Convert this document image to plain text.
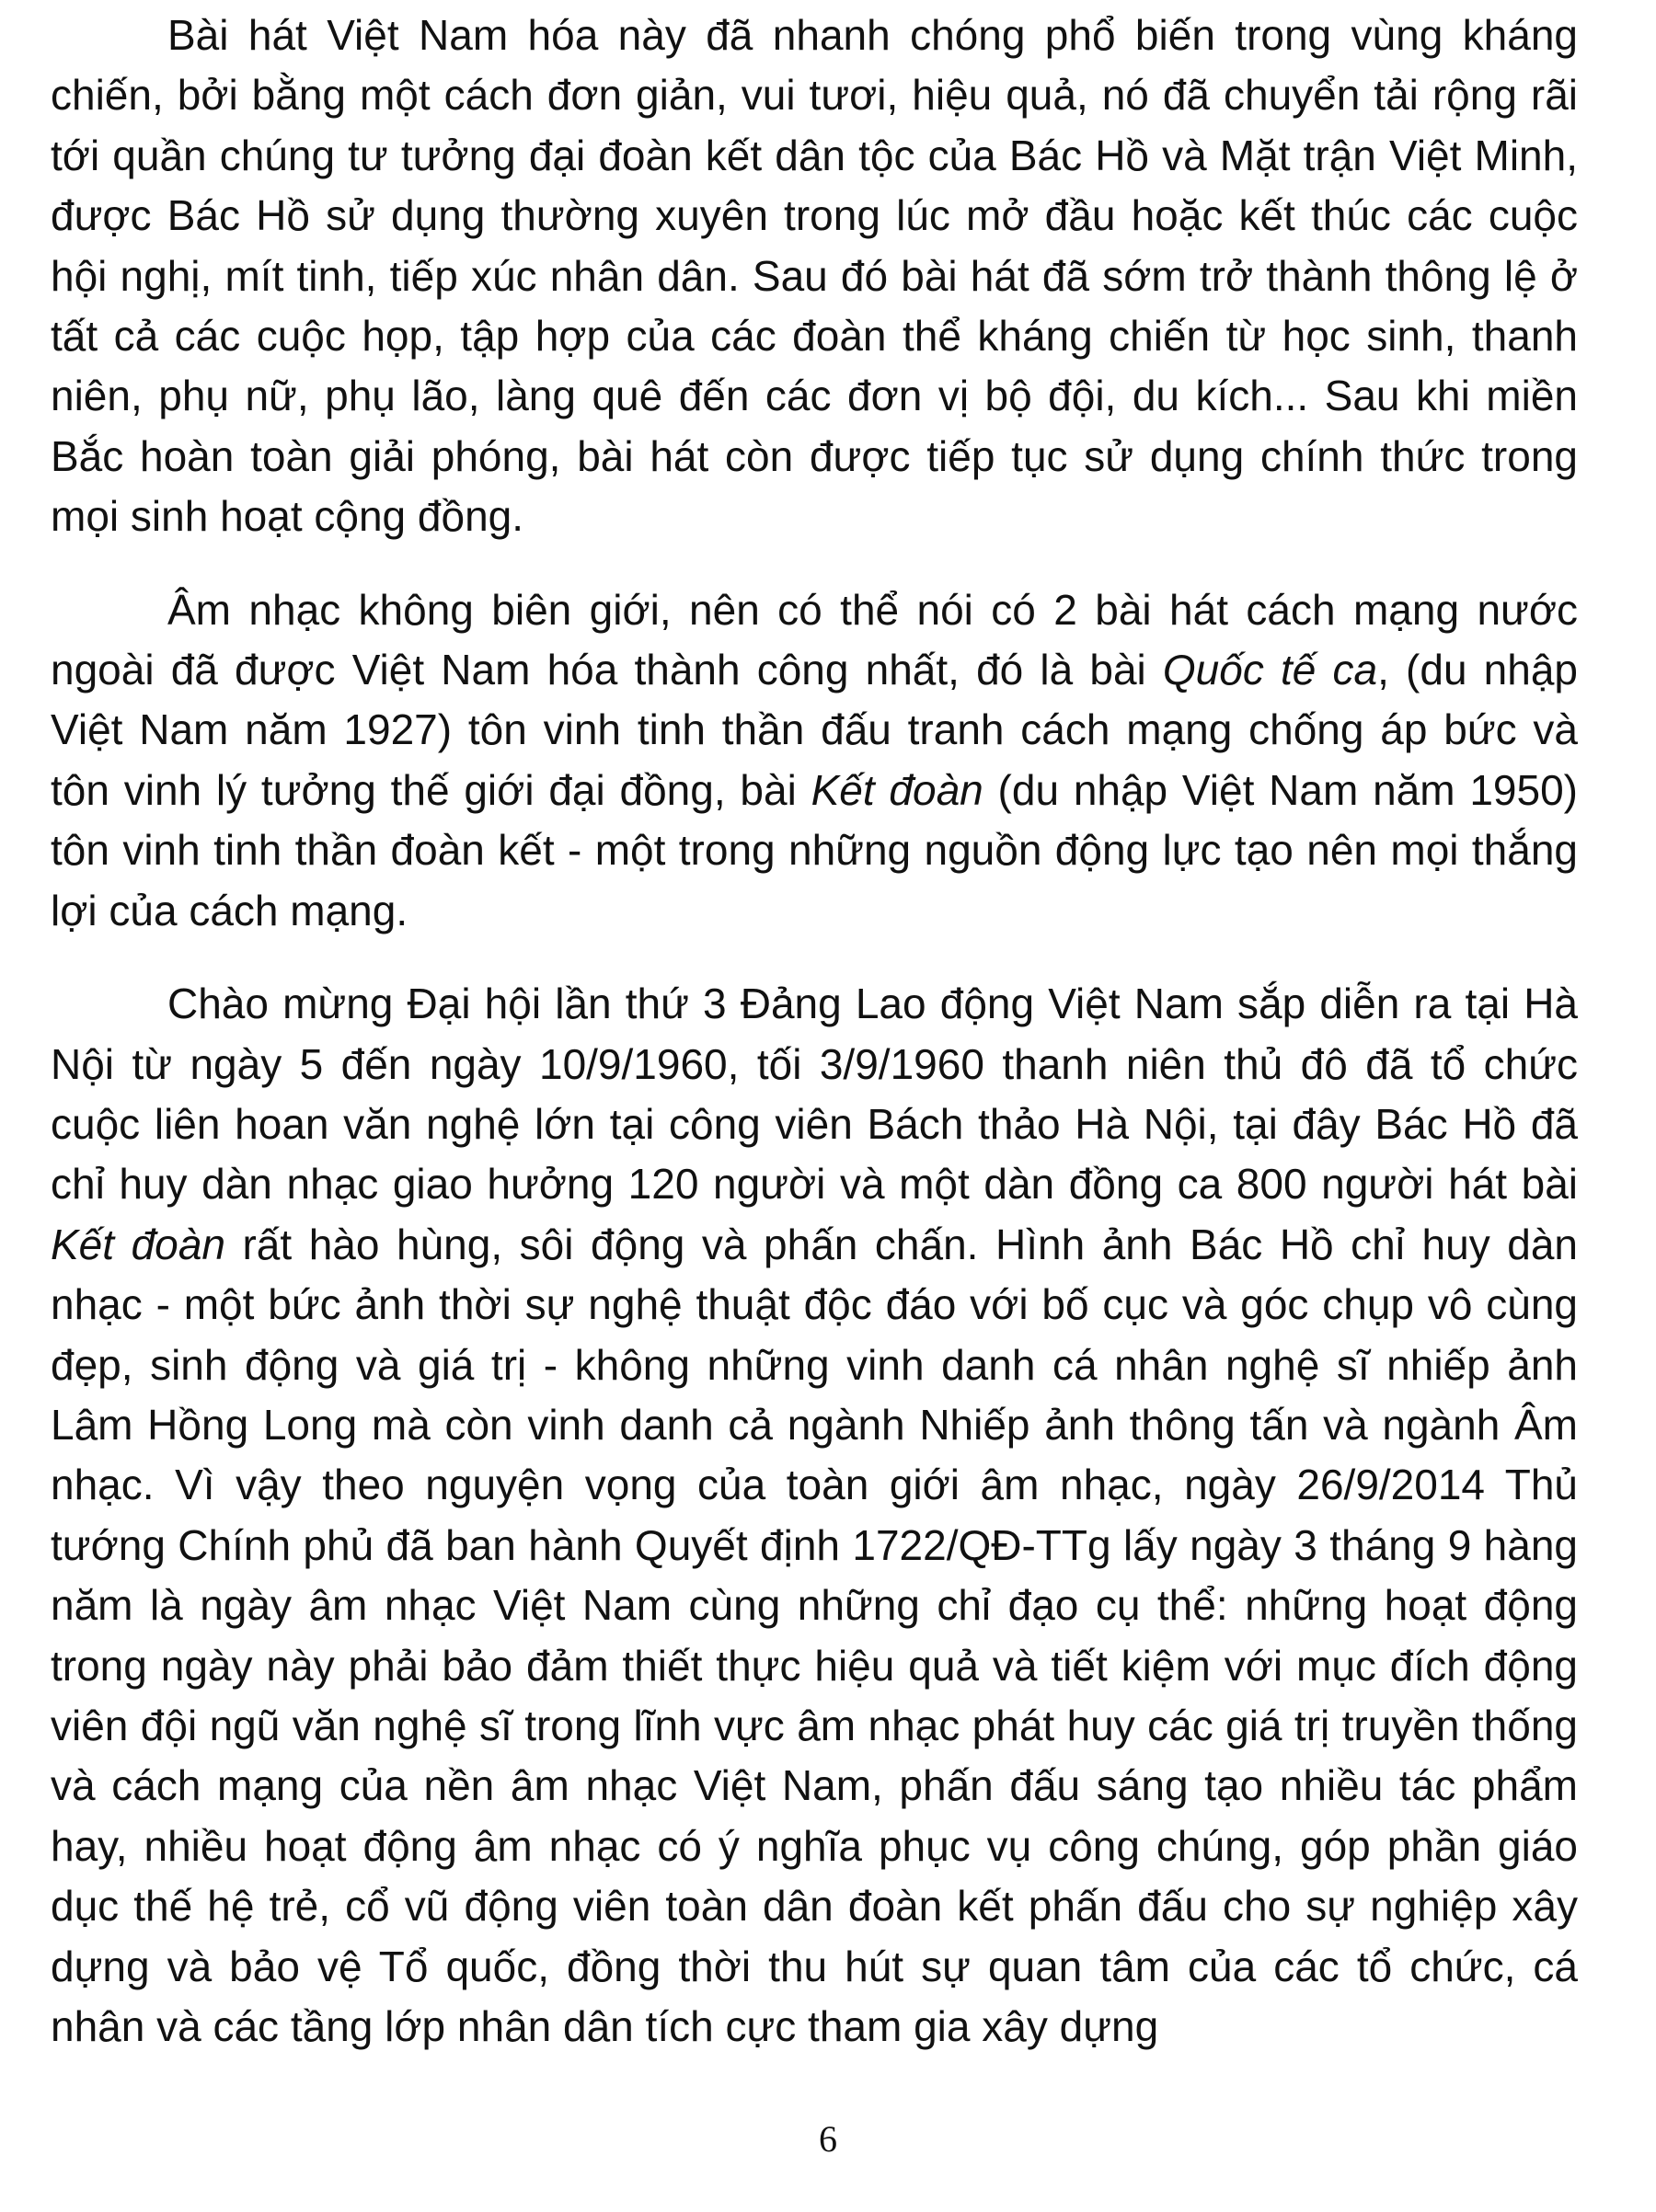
Bài hát Việt Nam hóa này đã nhanh chóng phổ biến trong vùng kháng chiến, bởi bằng một cách đơn giản, vui tươi, hiệu quả, nó đã chuyển tải rộng rãi tới quần chúng tư tưởng đại đoàn kết dân tộc của Bác Hồ và Mặt trận Việt Minh, được Bác Hồ sử dụng thường xuyên trong lúc mở đầu hoặc kết thúc các cuộc hội nghị, mít tinh, tiếp xúc nhân dân. Sau đó bài hát đã sớm trở thành thông lệ ở tất cả các cuộc họp, tập hợp của các đoàn thể kháng chiến từ học sinh, thanh niên, phụ nữ, phụ lão, làng quê đến các đơn vị bộ đội, du kích... Sau khi miền Bắc hoàn toàn giải phóng, bài hát còn được tiếp tục sử dụng chính thức trong mọi sinh hoạt cộng đồng.

Âm nhạc không biên giới, nên có thể nói có 2 bài hát cách mạng nước ngoài đã được Việt Nam hóa thành công nhất, đó là bài Quốc tế ca, (du nhập Việt Nam năm 1927) tôn vinh tinh thần đấu tranh cách mạng chống áp bức và tôn vinh lý tưởng thế giới đại đồng, bài Kết đoàn (du nhập Việt Nam năm 1950) tôn vinh tinh thần đoàn kết - một trong những nguồn động lực tạo nên mọi thắng lợi của cách mạng.

Chào mừng Đại hội lần thứ 3 Đảng Lao động Việt Nam sắp diễn ra tại Hà Nội từ ngày 5 đến ngày 10/9/1960, tối 3/9/1960 thanh niên thủ đô đã tổ chức cuộc liên hoan văn nghệ lớn tại công viên Bách thảo Hà Nội, tại đây Bác Hồ đã chỉ huy dàn nhạc giao hưởng 120 người và một dàn đồng ca 800 người hát bài Kết đoàn rất hào hùng, sôi động và phấn chấn. Hình ảnh Bác Hồ chỉ huy dàn nhạc - một bức ảnh thời sự nghệ thuật độc đáo với bố cục và góc chụp vô cùng đẹp, sinh động và giá trị - không những vinh danh cá nhân nghệ sĩ nhiếp ảnh Lâm Hồng Long mà còn vinh danh cả ngành Nhiếp ảnh thông tấn và ngành Âm nhạc. Vì vậy theo nguyện vọng của toàn giới âm nhạc, ngày 26/9/2014 Thủ tướng Chính phủ đã ban hành Quyết định 1722/QĐ-TTg lấy ngày 3 tháng 9 hàng năm là ngày âm nhạc Việt Nam cùng những chỉ đạo cụ thể: những hoạt động trong ngày này phải bảo đảm thiết thực hiệu quả và tiết kiệm với mục đích động viên đội ngũ văn nghệ sĩ trong lĩnh vực âm nhạc phát huy các giá trị truyền thống và cách mạng của nền âm nhạc Việt Nam, phấn đấu sáng tạo nhiều tác phẩm hay, nhiều hoạt động âm nhạc có ý nghĩa phục vụ công chúng, góp phần giáo dục thế hệ trẻ, cổ vũ động viên toàn dân đoàn kết phấn đấu cho sự nghiệp xây dựng và bảo vệ Tổ quốc, đồng thời thu hút sự quan tâm của các tổ chức, cá nhân và các tầng lớp nhân dân tích cực tham gia xây dựng

6
